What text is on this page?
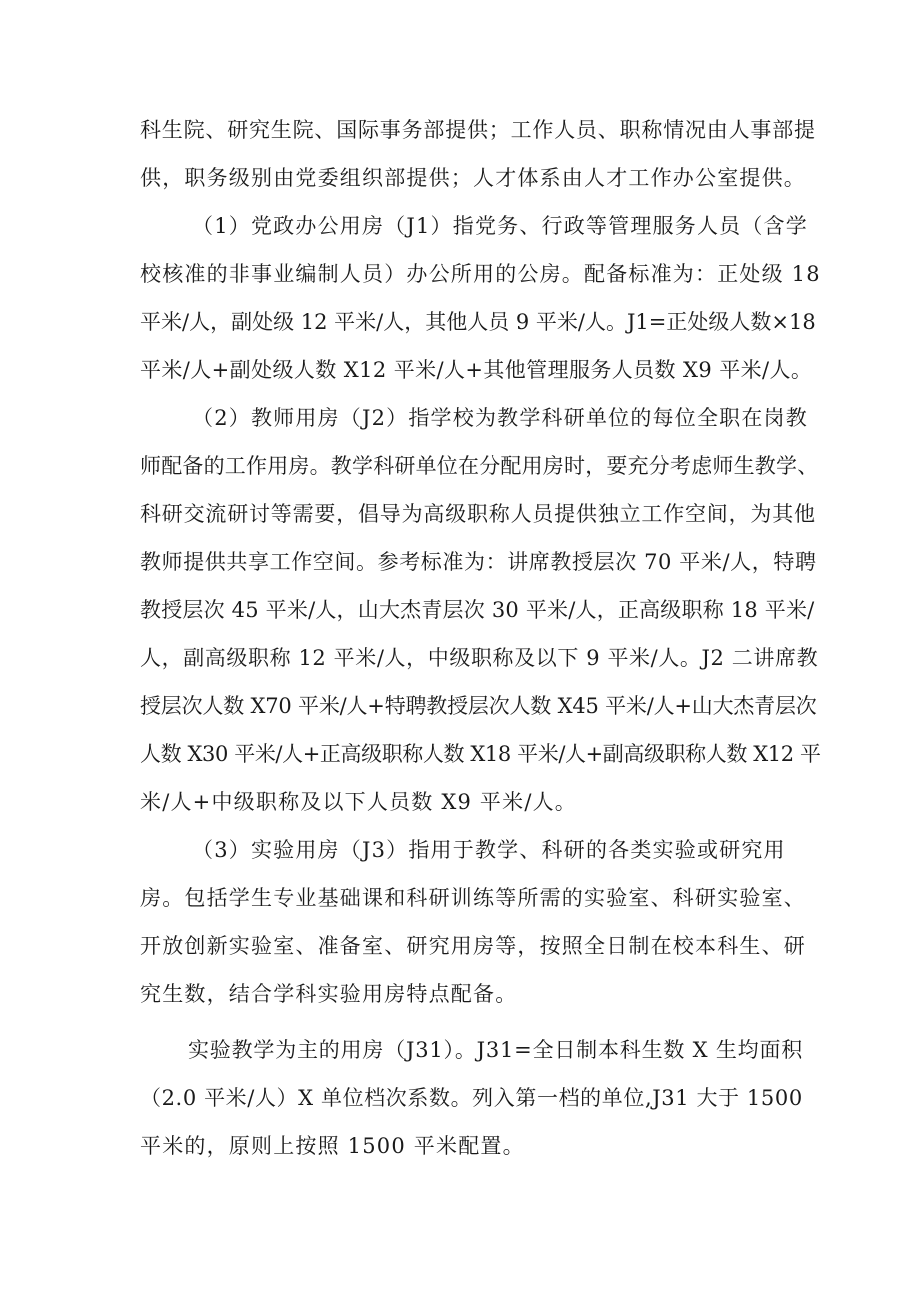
科生院、研究生院、国际事务部提供；工作人员、职称情况由人事部提
供，职务级别由党委组织部提供；人才体系由人才工作办公室提供。
（1）党政办公用房（J1）指党务、行政等管理服务人员（含学
校核准的非事业编制人员）办公所用的公房。配备标准为：正处级 18
平米/人，副处级 12 平米/人，其他人员 9 平米/人。J1=正处级人数×18
平米/人+副处级人数 X12 平米/人+其他管理服务人员数 X9 平米/人。
（2）教师用房（J2）指学校为教学科研单位的每位全职在岗教
师配备的工作用房。教学科研单位在分配用房时，要充分考虑师生教学、
科研交流研讨等需要，倡导为高级职称人员提供独立工作空间，为其他
教师提供共享工作空间。参考标准为：讲席教授层次 70 平米/人，特聘
教授层次 45 平米/人，山大杰青层次 30 平米/人，正高级职称 18 平米/
人，副高级职称 12 平米/人，中级职称及以下 9 平米/人。J2 二讲席教
授层次人数 X70 平米/人+特聘教授层次人数 X45 平米/人+山大杰青层次
人数 X30 平米/人+正高级职称人数 X18 平米/人+副高级职称人数 X12 平
米/人+中级职称及以下人员数 X9 平米/人。
（3）实验用房（J3）指用于教学、科研的各类实验或研究用
房。包括学生专业基础课和科研训练等所需的实验室、科研实验室、
开放创新实验室、准备室、研究用房等，按照全日制在校本科生、研
究生数，结合学科实验用房特点配备。
实验教学为主的用房（J31）。J31=全日制本科生数 X 生均面积
（2.0 平米/人）X 单位档次系数。列入第一档的单位,J31 大于 1500
平米的，原则上按照 1500 平米配置。
